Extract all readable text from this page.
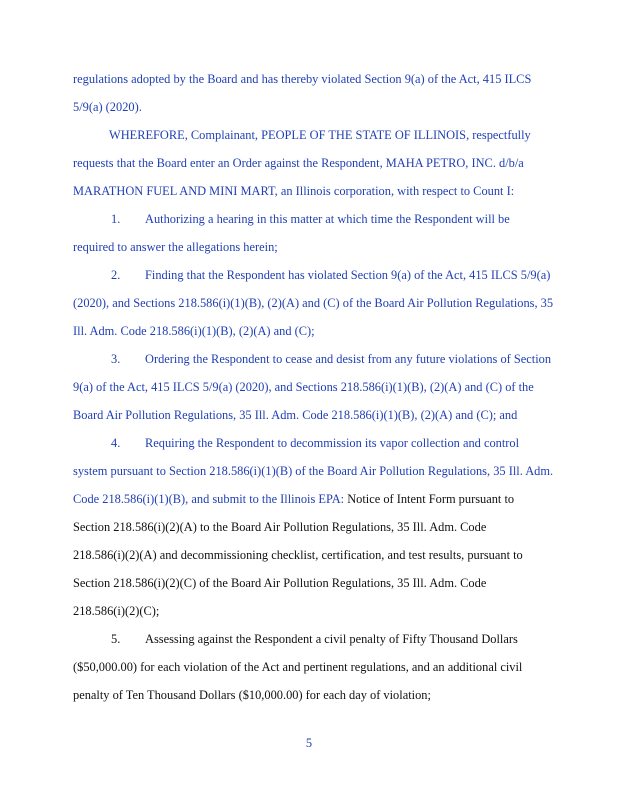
regulations adopted by the Board and has thereby violated Section 9(a) of the Act, 415 ILCS
5/9(a) (2020).
WHEREFORE, Complainant, PEOPLE OF THE STATE OF ILLINOIS, respectfully
requests that the Board enter an Order against the Respondent, MAHA PETRO, INC. d/b/a
MARATHON FUEL AND MINI MART, an Illinois corporation, with respect to Count I:
1. Authorizing a hearing in this matter at which time the Respondent will be
required to answer the allegations herein;
2. Finding that the Respondent has violated Section 9(a) of the Act, 415 ILCS 5/9(a)
(2020), and Sections 218.586(i)(1)(B), (2)(A) and (C) of the Board Air Pollution Regulations, 35
Ill. Adm. Code 218.586(i)(1)(B), (2)(A) and (C);
3. Ordering the Respondent to cease and desist from any future violations of Section
9(a) of the Act, 415 ILCS 5/9(a) (2020), and Sections 218.586(i)(1)(B), (2)(A) and (C) of the
Board Air Pollution Regulations, 35 Ill. Adm. Code 218.586(i)(1)(B), (2)(A) and (C); and
4. Requiring the Respondent to decommission its vapor collection and control
system pursuant to Section 218.586(i)(1)(B) of the Board Air Pollution Regulations, 35 Ill. Adm.
Code 218.586(i)(1)(B), and submit to the Illinois EPA: Notice of Intent Form pursuant to
Section 218.586(i)(2)(A) to the Board Air Pollution Regulations, 35 Ill. Adm. Code
218.586(i)(2)(A) and decommissioning checklist, certification, and test results, pursuant to
Section 218.586(i)(2)(C) of the Board Air Pollution Regulations, 35 Ill. Adm. Code
218.586(i)(2)(C);
5. Assessing against the Respondent a civil penalty of Fifty Thousand Dollars
($50,000.00) for each violation of the Act and pertinent regulations, and an additional civil
penalty of Ten Thousand Dollars ($10,000.00) for each day of violation;
5
